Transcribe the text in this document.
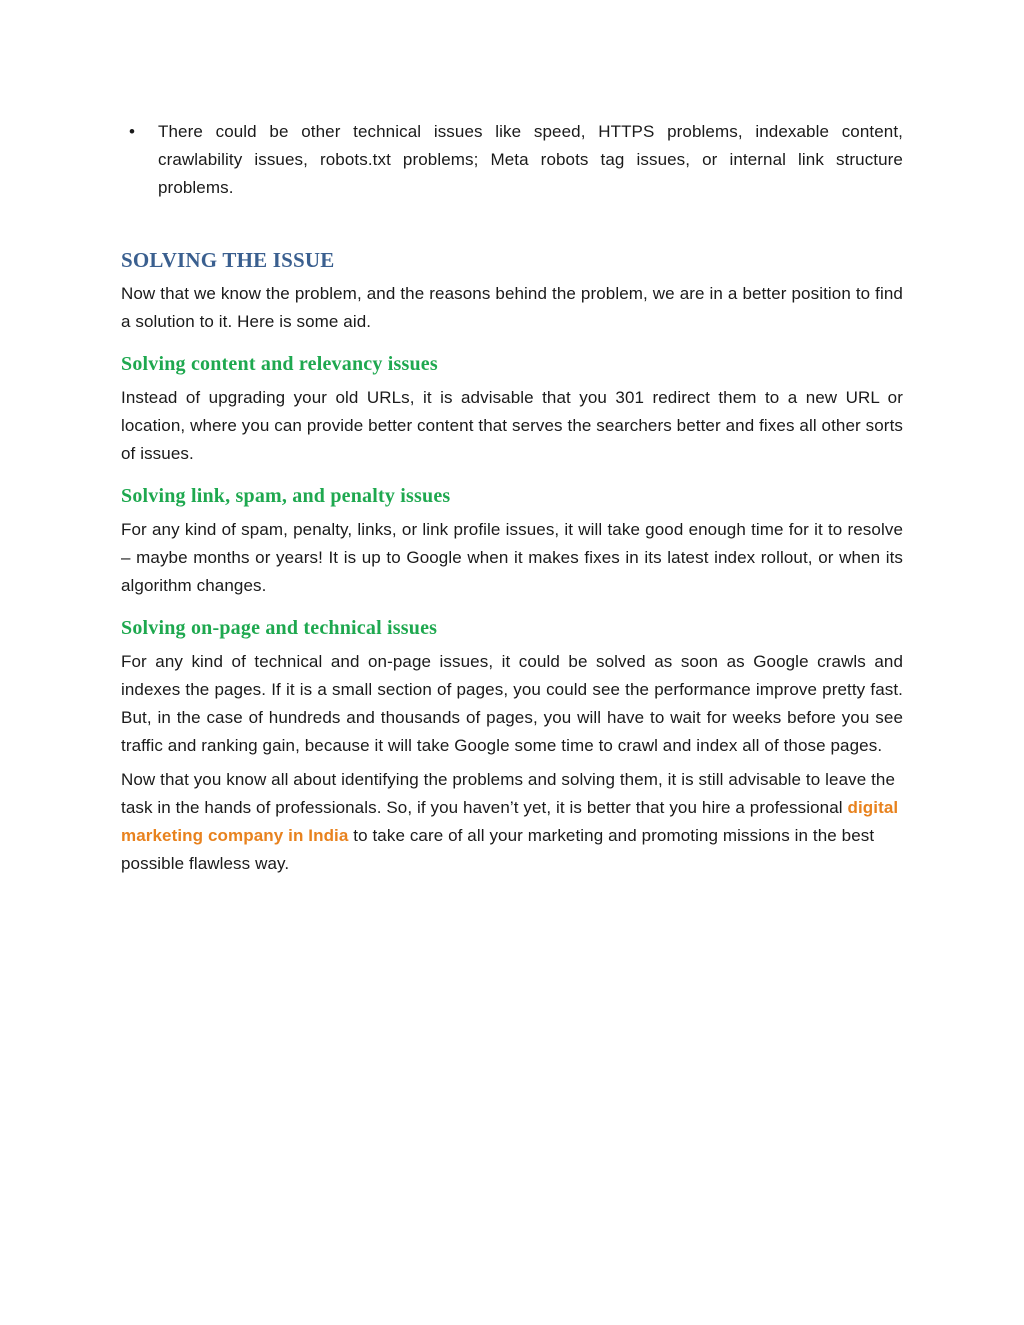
• There could be other technical issues like speed, HTTPS problems, indexable content, crawlability issues, robots.txt problems; Meta robots tag issues, or internal link structure problems.
SOLVING THE ISSUE

Now that we know the problem, and the reasons behind the problem, we are in a better position to find a solution to it. Here is some aid.

Solving content and relevancy issues

Instead of upgrading your old URLs, it is advisable that you 301 redirect them to a new URL or location, where you can provide better content that serves the searchers better and fixes all other sorts of issues.

Solving link, spam, and penalty issues

For any kind of spam, penalty, links, or link profile issues, it will take good enough time for it to resolve – maybe months or years! It is up to Google when it makes fixes in its latest index rollout, or when its algorithm changes.

Solving on-page and technical issues

For any kind of technical and on-page issues, it could be solved as soon as Google crawls and indexes the pages. If it is a small section of pages, you could see the performance improve pretty fast. But, in the case of hundreds and thousands of pages, you will have to wait for weeks before you see traffic and ranking gain, because it will take Google some time to crawl and index all of those pages.

Now that you know all about identifying the problems and solving them, it is still advisable to leave the task in the hands of professionals. So, if you haven’t yet, it is better that you hire a professional digital marketing company in India to take care of all your marketing and promoting missions in the best possible flawless way.
